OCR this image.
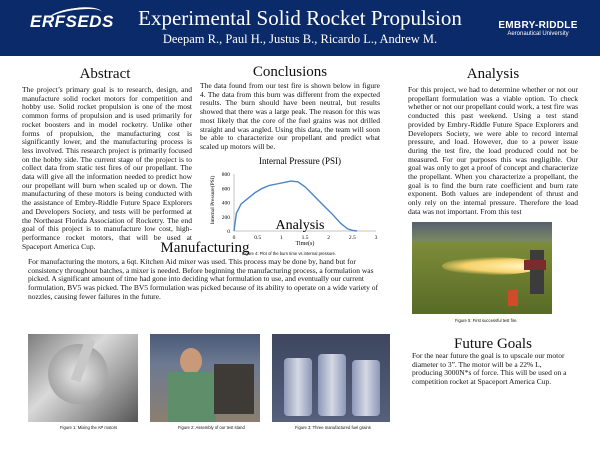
ERFSEDS	Experimental Solid Rocket Propulsion
Deepam R., Paul H., Justus B., Ricardo L., Andrew M.
EMBRY-RIDDLE
Aeronautical University
Abstract
The project’s primary goal is to research, design, and manufacture solid rocket motors for competition and hobby use. Solid rocket propulsion is one of the most common forms of propulsion and is used primarily for rocket boosters and in model rocketry. Unlike other forms of propulsion, the manufacturing cost is significantly lower, and the manufacturing process is less involved. This research project is primarily focused on the hobby side. The current stage of the project is to collect data from static test fires of our propellant. The data will give all the information needed to predict how our propellant will burn when scaled up or down. The manufacturing of these motors is being conducted with the assistance of Embry-Riddle Future Space Explorers and Developers Society, and tests will be performed at the Northeast Florida Association of Rocketry. The end goal of this project is to manufacture low cost, high-performance rocket motors, that will be used at Spaceport America Cup.
Conclusions
The data found from our test fire is shown below in figure 4. The data from this burn was different from the expected results. The burn should have been neutral, but results showed that there was a large peak. The reason for this was most likely that the core of the fuel grains was not drilled straight and was angled. Using this data, the team will soon be able to characterize our propellant and predict what scaled up motors will be.
Internal Pressure (PSI)
0
200
400
600
800
0	0.5	1	1.5	2	2.5	3
Analysis
Time(s)
Internal Pressure(PSI)
Figure 4: Plot of the burn time vs internal pressure.
Analysis
For this project, we had to determine whether or not our propellant formulation was a viable option. To check whether or not our propellant could work, a test fire was conducted this past weekend. Using a test stand provided by Embry-Riddle Future Space Explorers and Developers Society, we were able to record internal pressure, and load. However, due to a power issue during the test fire, the load produced could not be measured. For our purposes this was negligible. Our goal was only to get a proof of concept and characterize the propellant. When you characterize a propellant, the goal is to find the burn rate coefficient and burn rate exponent. Both values are independent of thrust and only rely on the internal pressure. Therefore the load data was not important. From this test
Figure 5: First successful test fire.
Future Goals
For the near future the goal is to upscale our motor diameter to 3”. The motor will be a 22% L, producing 3000N*s of force. This will be used on a competition rocket at Spaceport America Cup.
Manufacturing
For manufacturing the motors, a 6qt. Kitchen Aid mixer was used. This process may be done by, hand but for consistency throughout batches, a mixer is needed. Before beginning the manufacturing process, a formulation was picked. A significant amount of time had gone into deciding what formulation to use, and eventually our current formulation, BV5 was picked. The BV5 formulation was picked because of its ability to operate on a wide variety of nozzles, causing fewer failures in the future.
Figure 1: Mixing the AP motors	Figure 2: Assembly of our test stand	Figure 3: Three manufactured fuel grains
